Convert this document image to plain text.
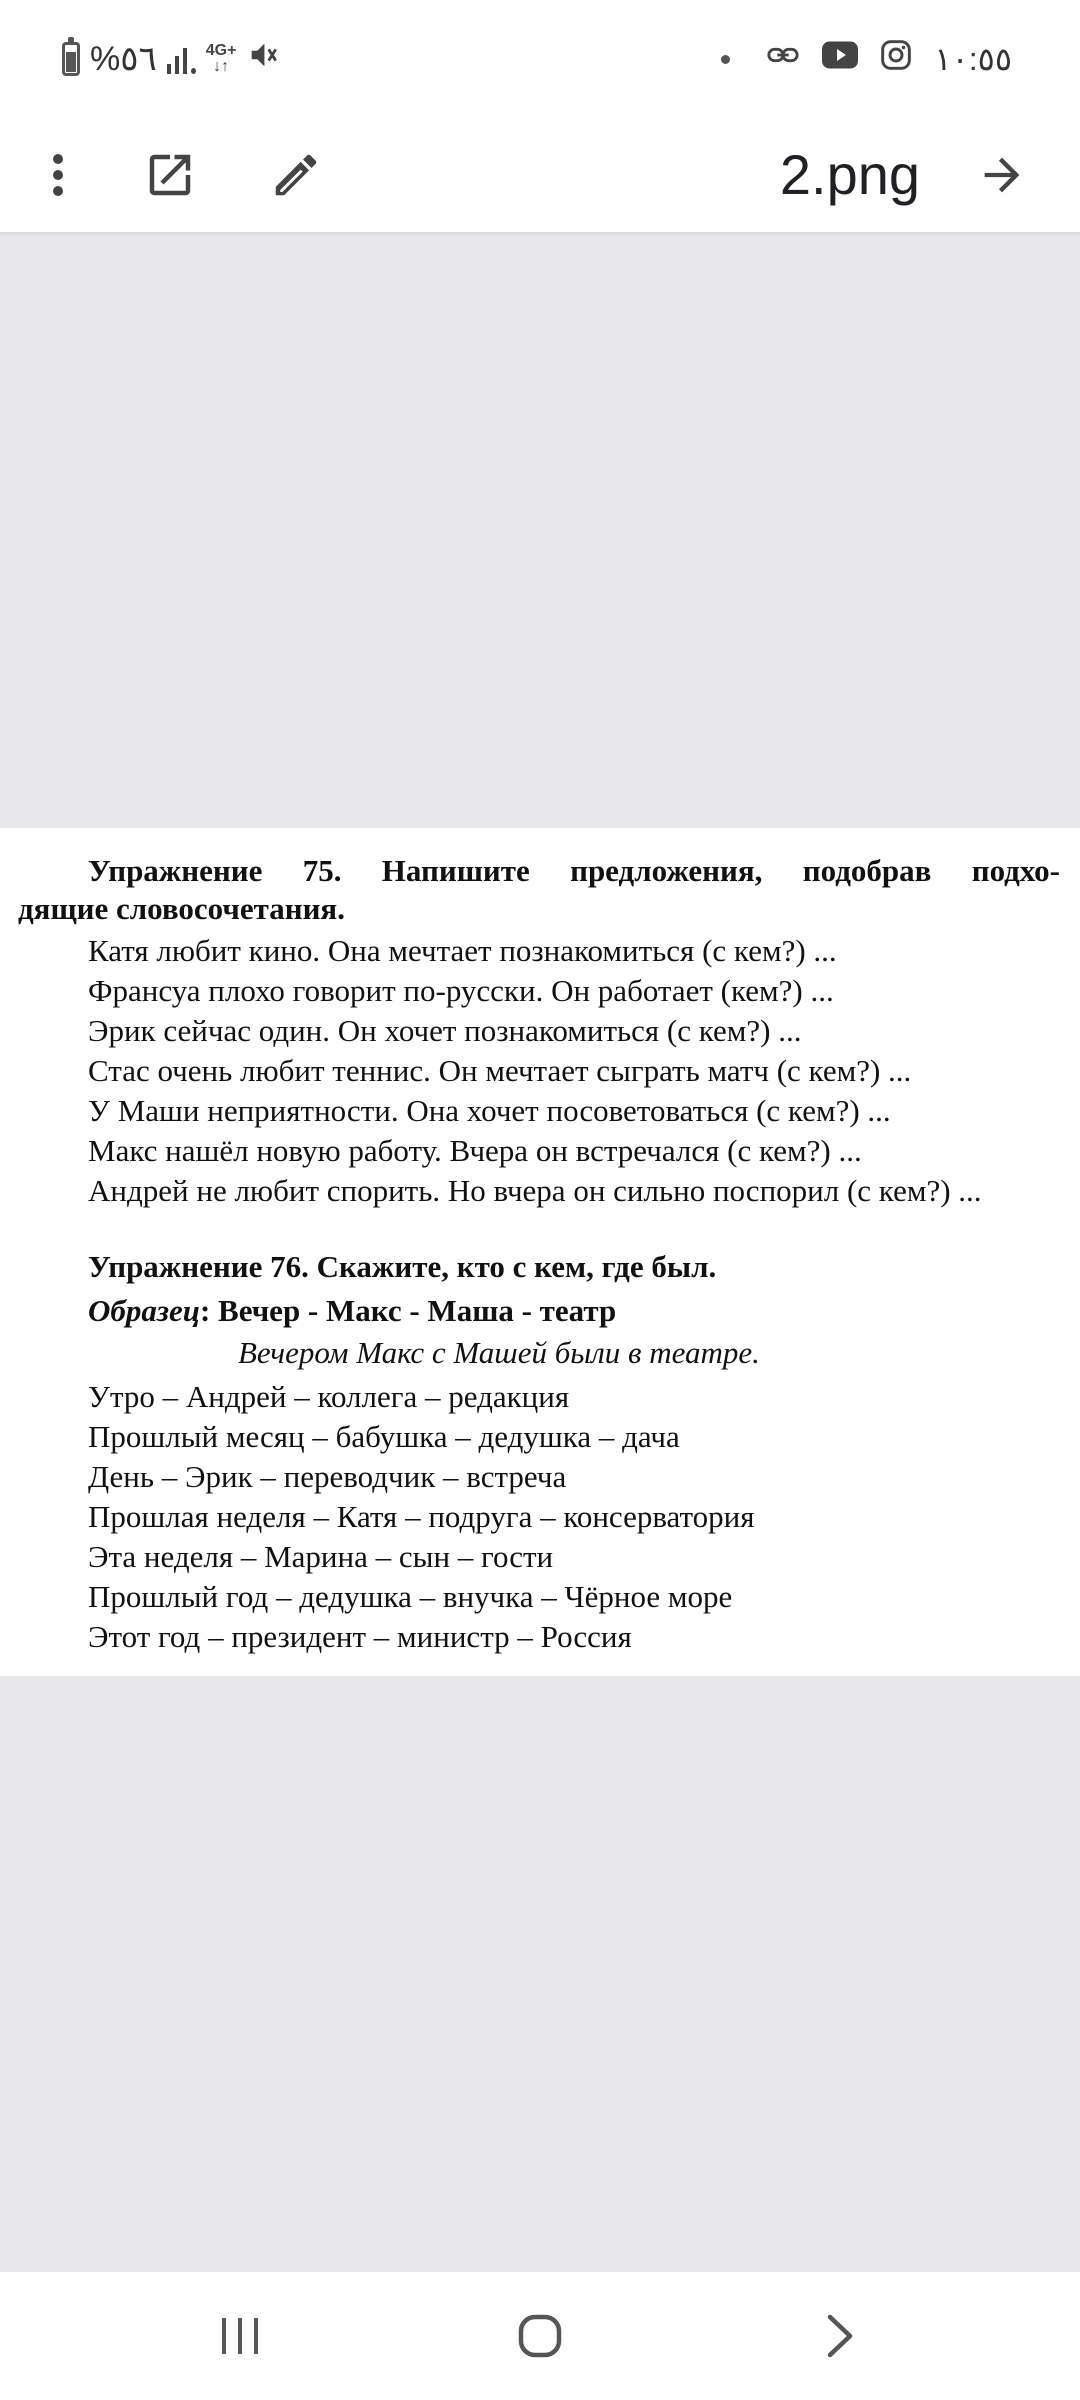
%٥٦	4G+
↓↑	١٠:٥٥
2.png
Упражнение 75. Напишите предложения, подобрав подхо-
дящие словосочетания.
Катя любит кино. Она мечтает познакомиться (с кем?) ...
Франсуа плохо говорит по-русски. Он работает (кем?) ...
Эрик сейчас один. Он хочет познакомиться (с кем?) ...
Стас очень любит теннис. Он мечтает сыграть матч (с кем?) ...
У Маши неприятности. Она хочет посоветоваться (с кем?) ...
Макс нашёл новую работу. Вчера он встречался (с кем?) ...
Андрей не любит спорить. Но вчера он сильно поспорил (с кем?) ...
Упражнение 76. Скажите, кто с кем, где был.
Образец: Вечер - Макс - Маша - театр
Вечером Макс с Машей были в театре.
Утро – Андрей – коллега – редакция
Прошлый месяц – бабушка – дедушка – дача
День – Эрик – переводчик – встреча
Прошлая неделя – Катя – подруга – консерватория
Эта неделя – Марина – сын – гости
Прошлый год – дедушка – внучка – Чёрное море
Этот год – президент – министр – Россия
